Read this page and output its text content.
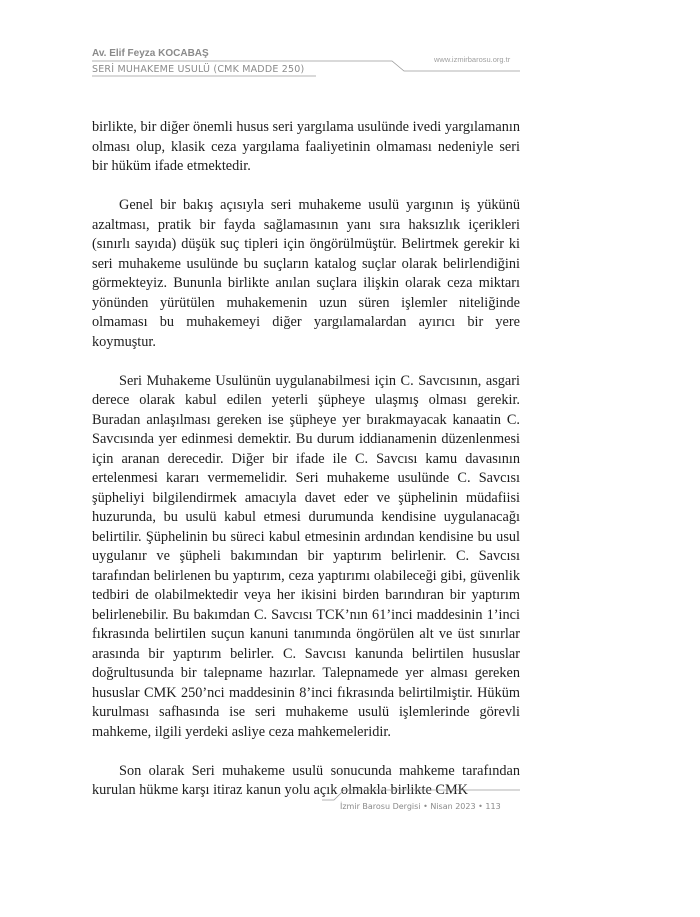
Av. Elif Feyza KOCABAŞ
SERİ MUHAKEME USULÜ (CMK MADDE 250)
www.izmirbarosu.org.tr

birlikte, bir diğer önemli husus seri yargılama usulünde ivedi yargılamanın olması olup, klasik ceza yargılama faaliyetinin olmaması nedeniyle seri bir hüküm ifade etmektedir.

Genel bir bakış açısıyla seri muhakeme usulü yargının iş yükünü azaltması, pratik bir fayda sağlamasının yanı sıra haksızlık içerikleri (sınırlı sayıda) düşük suç tipleri için öngörülmüştür. Belirtmek gerekir ki seri muhakeme usulünde bu suçların katalog suçlar olarak belirlendiğini görmekteyiz. Bununla birlikte anılan suçlara ilişkin olarak ceza miktarı yönünden yürütülen muhakemenin uzun süren işlemler niteliğinde olmaması bu muhakemeyi diğer yargılamalardan ayırıcı bir yere koymuştur.

Seri Muhakeme Usulünün uygulanabilmesi için C. Savcısının, asgari derece olarak kabul edilen yeterli şüpheye ulaşmış olması gerekir. Buradan anlaşılması gereken ise şüpheye yer bırakmayacak kanaatin C. Savcısında yer edinmesi demektir. Bu durum iddianamenin düzenlenmesi için aranan derecedir. Diğer bir ifade ile C. Savcısı kamu davasının ertelenmesi kararı vermemelidir. Seri muhakeme usulünde C. Savcısı şüpheliyi bilgilendirmek amacıyla davet eder ve şüphelinin müdafiisi huzurunda, bu usulü kabul etmesi durumunda kendisine uygulanacağı belirtilir. Şüphelinin bu süreci kabul etmesinin ardından kendisine bu usul uygulanır ve şüpheli bakımından bir yaptırım belirlenir. C. Savcısı tarafından belirlenen bu yaptırım, ceza yaptırımı olabileceği gibi, güvenlik tedbiri de olabilmektedir veya her ikisini birden barındıran bir yaptırım belirlenebilir. Bu bakımdan C. Savcısı TCK’nın 61’inci maddesinin 1’inci fıkrasında belirtilen suçun kanuni tanımında öngörülen alt ve üst sınırlar arasında bir yaptırım belirler. C. Savcısı kanunda belirtilen hususlar doğrultusunda bir talepname hazırlar. Talepnamede yer alması gereken hususlar CMK 250’nci maddesinin 8’inci fıkrasında belirtilmiştir. Hüküm kurulması safhasında ise seri muhakeme usulü işlemlerinde görevli mahkeme, ilgili yerdeki asliye ceza mahkemeleridir.

Son olarak Seri muhakeme usulü sonucunda mahkeme tarafından kurulan hükme karşı itiraz kanun yolu açık olmakla birlikte CMK

İzmir Barosu Dergisi • Nisan 2023 • 113
